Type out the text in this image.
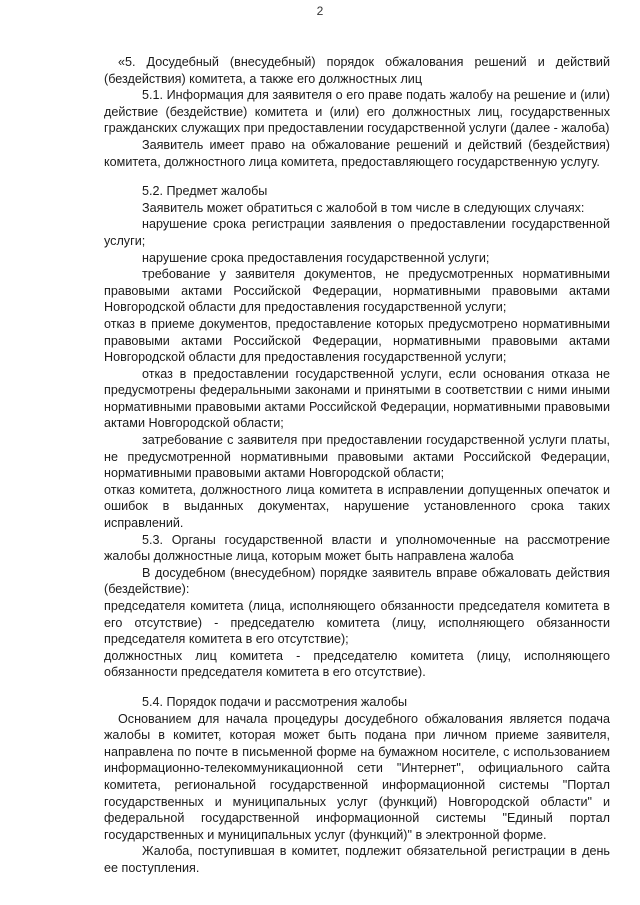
2

«5. Досудебный (внесудебный) порядок обжалования решений и действий (бездействия) комитета, а также его должностных лиц

5.1. Информация для заявителя о его праве подать жалобу на решение и (или) действие (бездействие) комитета и (или) его должностных лиц, государственных гражданских служащих при предоставлении государственной услуги (далее - жалоба)

Заявитель имеет право на обжалование решений и действий (бездействия) комитета, должностного лица комитета, предоставляющего государственную услугу.

5.2. Предмет жалобы

Заявитель может обратиться с жалобой в том числе в следующих случаях:

нарушение срока регистрации заявления о предоставлении государственной услуги;

нарушение срока предоставления государственной услуги;

требование у заявителя документов, не предусмотренных нормативными правовыми актами Российской Федерации, нормативными правовыми актами Новгородской области для предоставления государственной услуги;

отказ в приеме документов, предоставление которых предусмотрено нормативными правовыми актами Российской Федерации, нормативными правовыми актами Новгородской области для предоставления государственной услуги;

отказ в предоставлении государственной услуги, если основания отказа не предусмотрены федеральными законами и принятыми в соответствии с ними иными нормативными правовыми актами Российской Федерации, нормативными правовыми актами Новгородской области;

затребование с заявителя при предоставлении государственной услуги платы, не предусмотренной нормативными правовыми актами Российской Федерации, нормативными правовыми актами Новгородской области;

отказ комитета, должностного лица комитета в исправлении допущенных опечаток и ошибок в выданных документах, нарушение установленного срока таких исправлений.

5.3. Органы государственной власти и уполномоченные на рассмотрение жалобы должностные лица, которым может быть направлена жалоба

В досудебном (внесудебном) порядке заявитель вправе обжаловать действия (бездействие):

председателя комитета (лица, исполняющего обязанности председателя комитета в его отсутствие) - председателю комитета (лицу, исполняющего обязанности председателя комитета в его отсутствие);

должностных лиц комитета - председателю комитета (лицу, исполняющего обязанности председателя комитета в его отсутствие).

5.4. Порядок подачи и рассмотрения жалобы

Основанием для начала процедуры досудебного обжалования является подача жалобы в комитет, которая может быть подана при личном приеме заявителя, направлена по почте в письменной форме на бумажном носителе, с использованием информационно-телекоммуникационной сети "Интернет", официального сайта комитета, региональной государственной информационной системы "Портал государственных и муниципальных услуг (функций) Новгородской области" и федеральной государственной информационной системы "Единый портал государственных и муниципальных услуг (функций)" в электронной форме.

Жалоба, поступившая в комитет, подлежит обязательной регистрации в день ее поступления.
